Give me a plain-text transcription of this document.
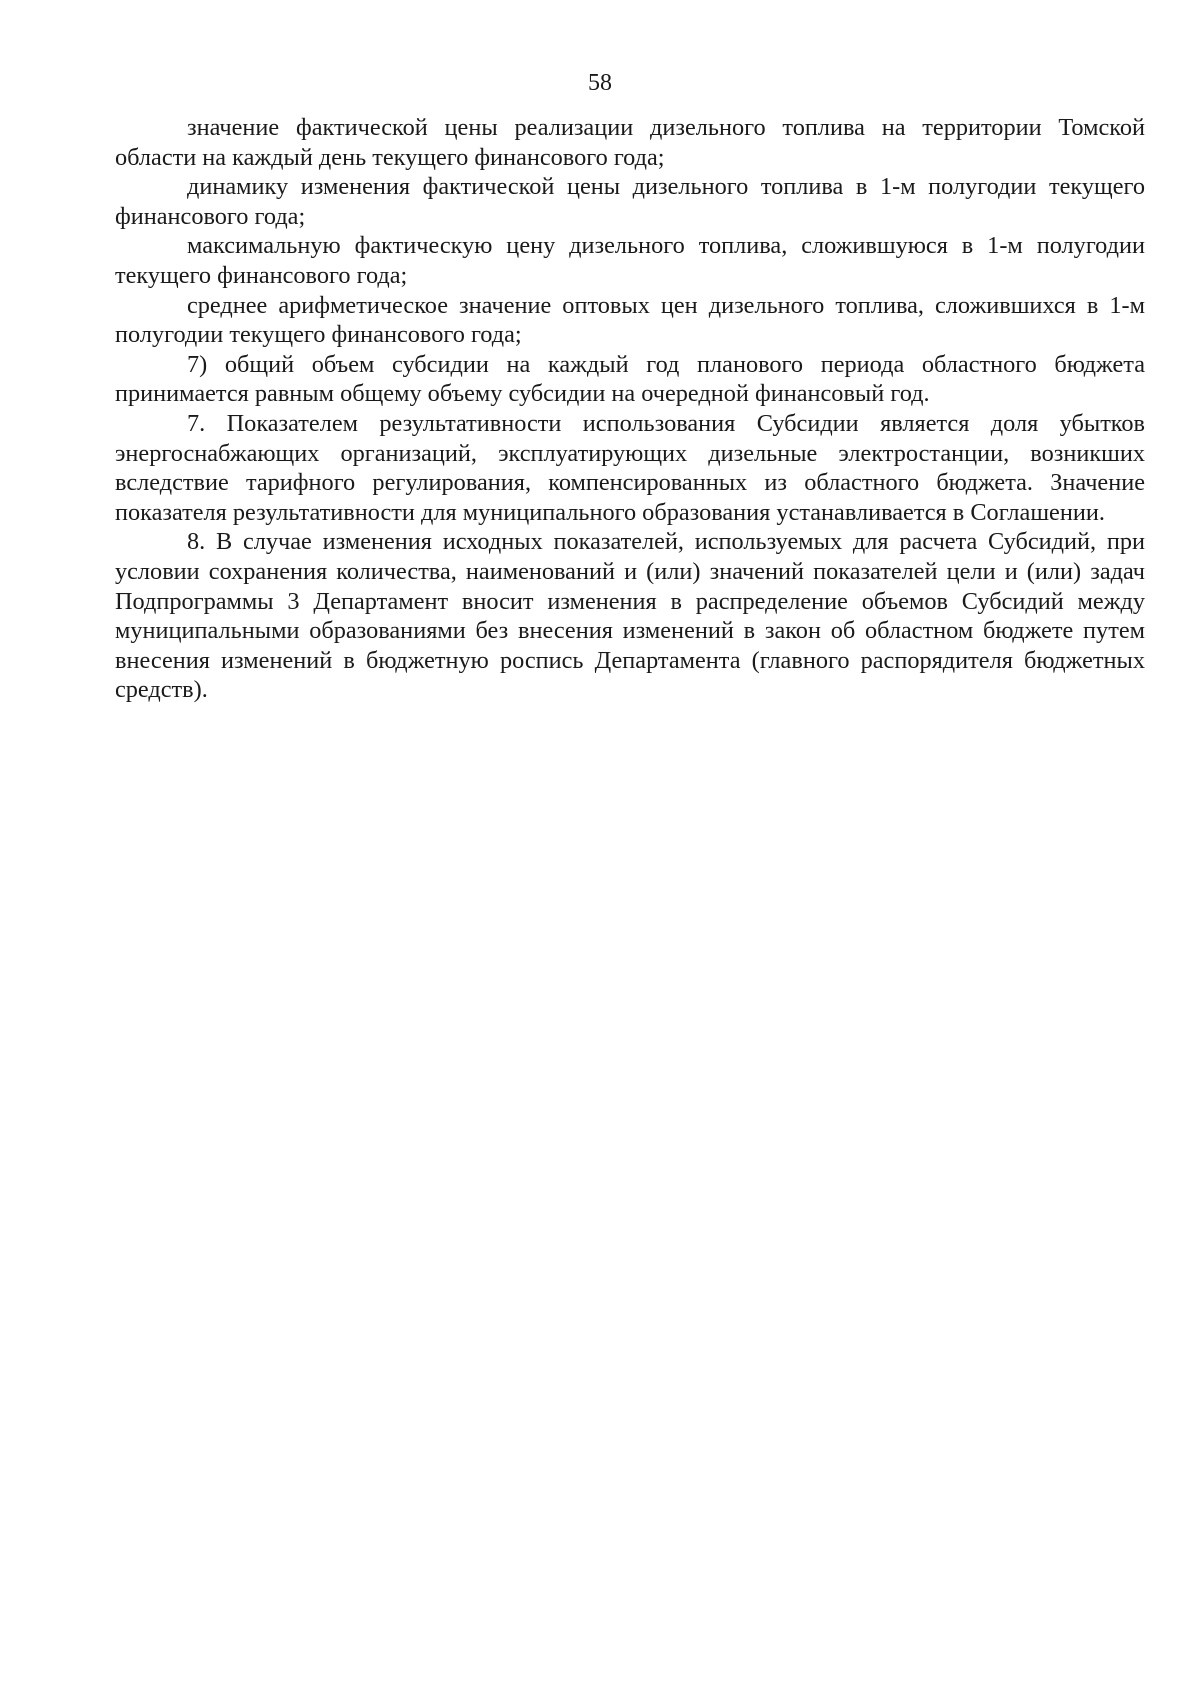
58

значение фактической цены реализации дизельного топлива на территории Томской области на каждый день текущего финансового года;

динамику изменения фактической цены дизельного топлива в 1-м полугодии текущего финансового года;

максимальную фактическую цену дизельного топлива, сложившуюся в 1-м полугодии текущего финансового года;

среднее арифметическое значение оптовых цен дизельного топлива, сложившихся в 1-м полугодии текущего финансового года;

7) общий объем субсидии на каждый год планового периода областного бюджета принимается равным общему объему субсидии на очередной финансовый год.

7. Показателем результативности использования Субсидии является доля убытков энергоснабжающих организаций, эксплуатирующих дизельные электростанции, возникших вследствие тарифного регулирования, компенсированных из областного бюджета. Значение показателя результативности для муниципального образования устанавливается в Соглашении.

8. В случае изменения исходных показателей, используемых для расчета Субсидий, при условии сохранения количества, наименований и (или) значений показателей цели и (или) задач Подпрограммы 3 Департамент вносит изменения в распределение объемов Субсидий между муниципальными образованиями без внесения изменений в закон об областном бюджете путем внесения изменений в бюджетную роспись Департамента (главного распорядителя бюджетных средств).
